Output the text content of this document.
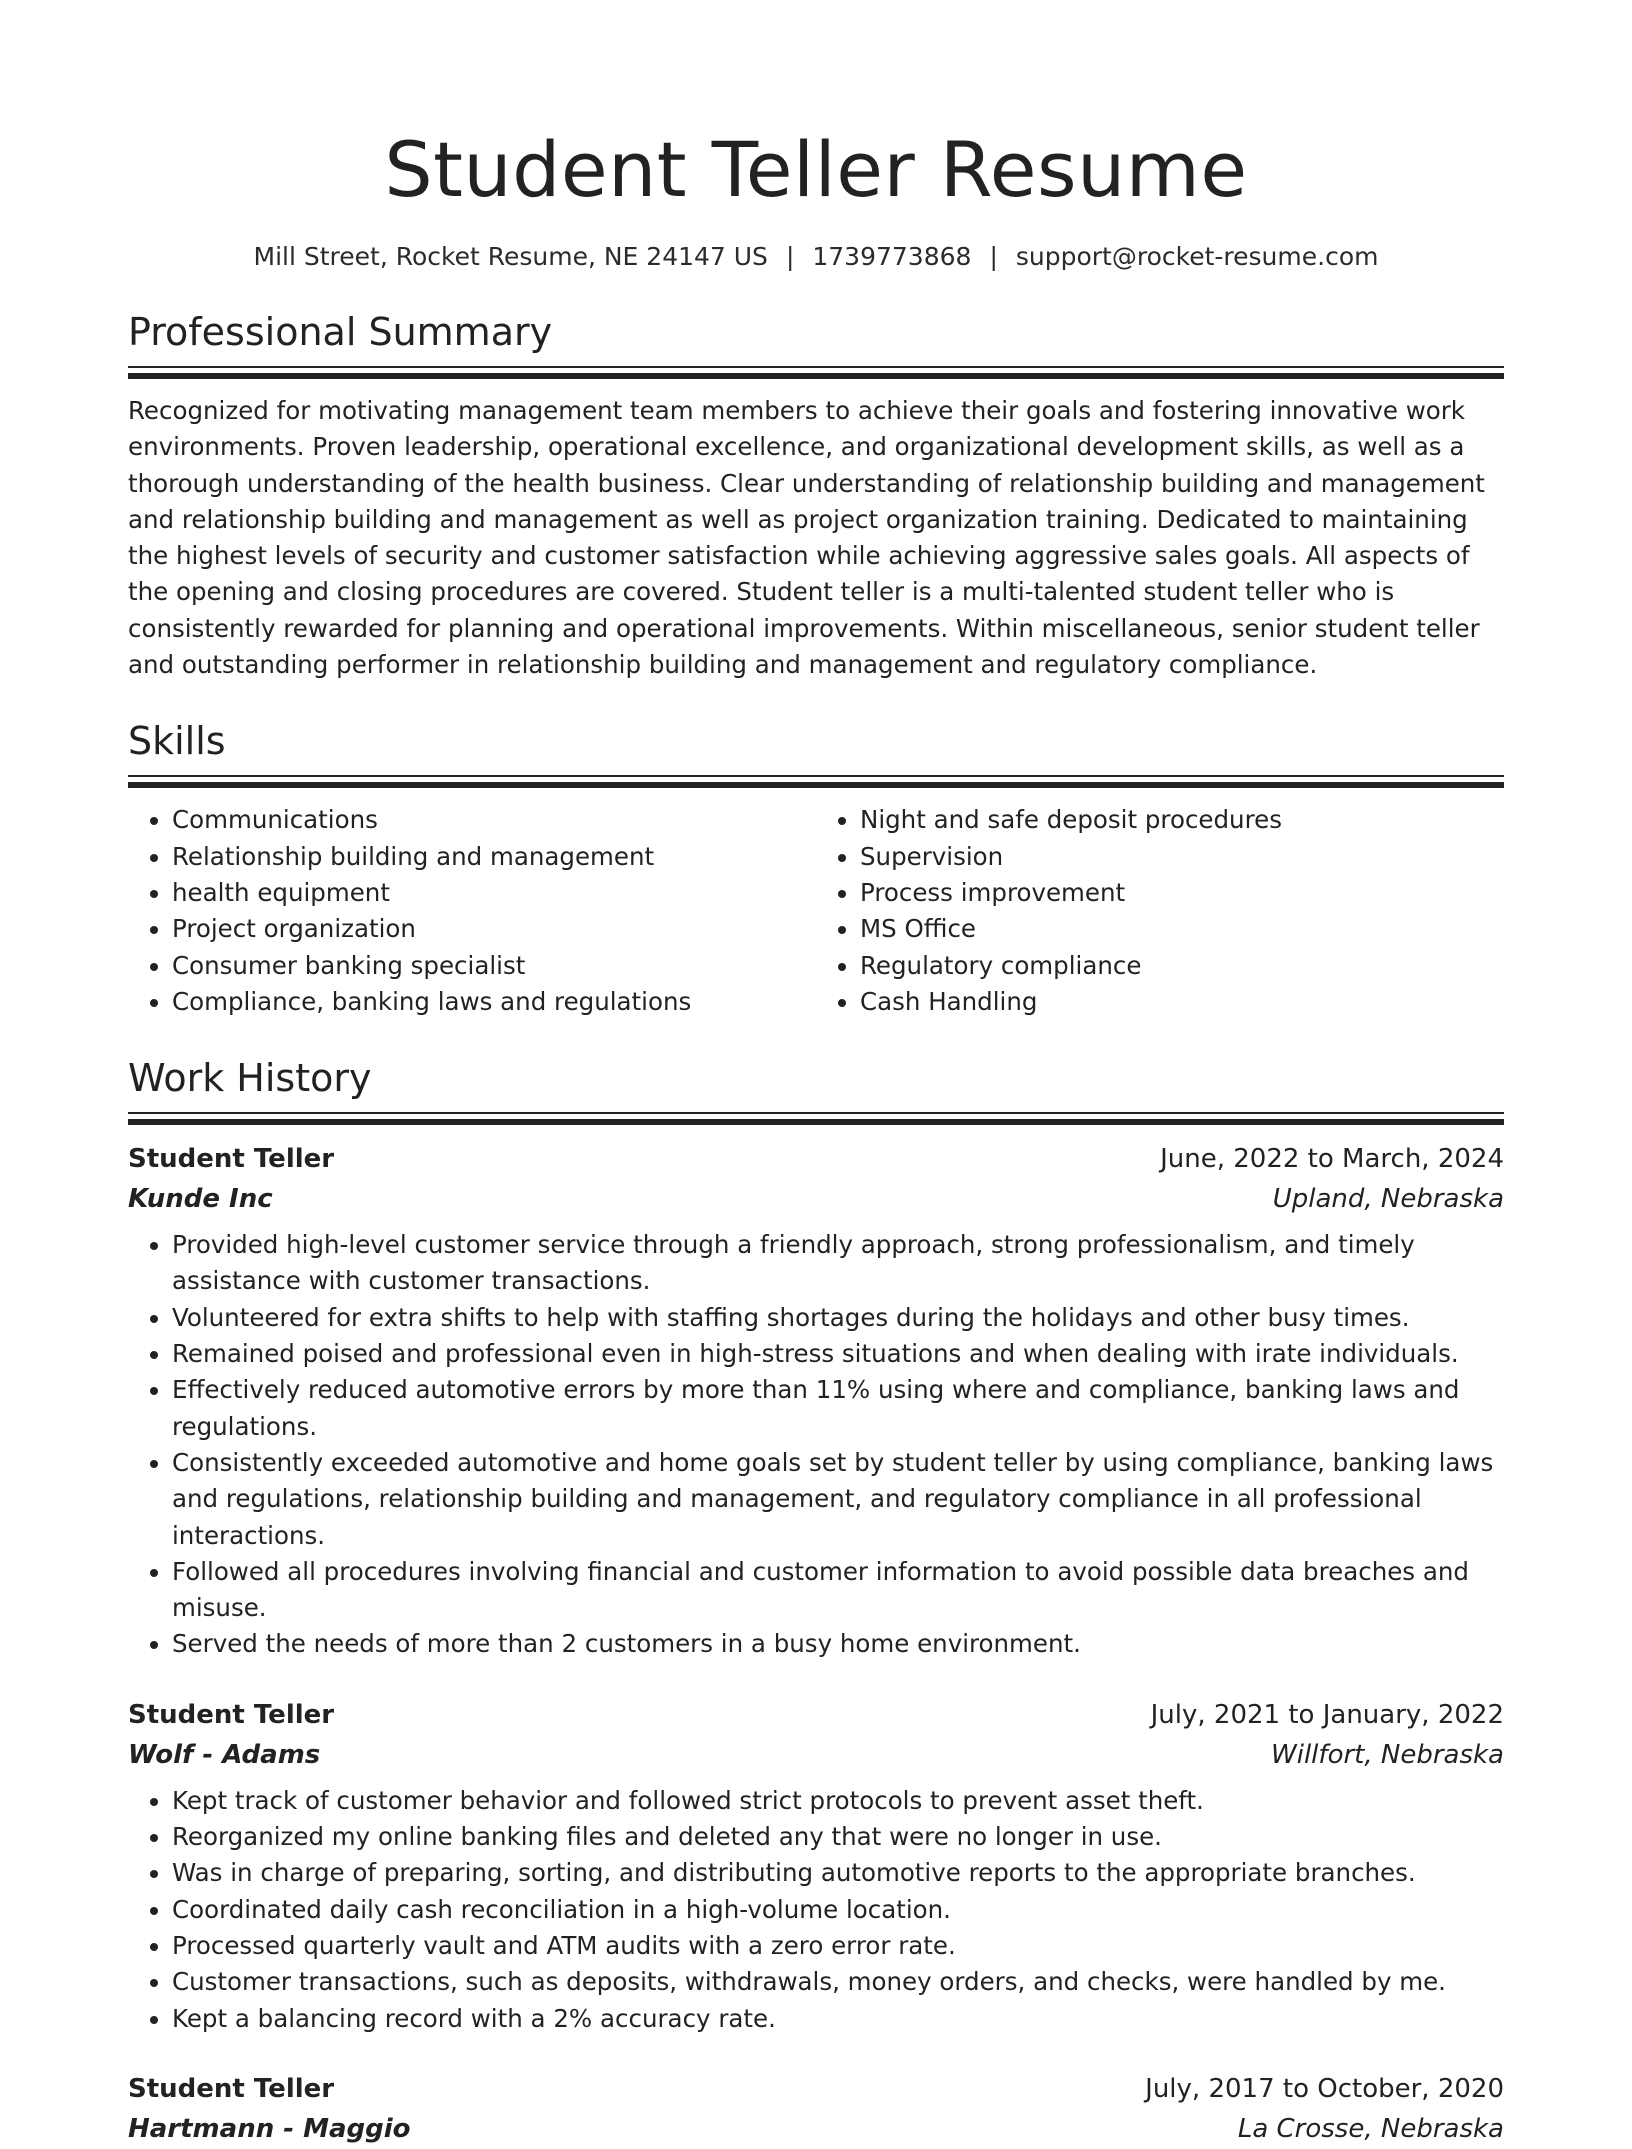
Student Teller Resume
Mill Street, Rocket Resume, NE 24147 US | 1739773868 | support@rocket-resume.com
Professional Summary

Recognized for motivating management team members to achieve their goals and fostering innovative work environments. Proven leadership, operational excellence, and organizational development skills, as well as a thorough understanding of the health business. Clear understanding of relationship building and management and relationship building and management as well as project organization training. Dedicated to maintaining the highest levels of security and customer satisfaction while achieving aggressive sales goals. All aspects of the opening and closing procedures are covered. Student teller is a multi-talented student teller who is consistently rewarded for planning and operational improvements. Within miscellaneous, senior student teller and outstanding performer in relationship building and management and regulatory compliance.

Skills
• Communications
• Relationship building and management
• health equipment
• Project organization
• Consumer banking specialist
• Compliance, banking laws and regulations
• Night and safe deposit procedures
• Supervision
• Process improvement
• MS Office
• Regulatory compliance
• Cash Handling
Work History
Student Teller	June, 2022 to March, 2024
Kunde Inc	Upland, Nebraska
• Provided high-level customer service through a friendly approach, strong professionalism, and timely assistance with customer transactions.
• Volunteered for extra shifts to help with staffing shortages during the holidays and other busy times.
• Remained poised and professional even in high-stress situations and when dealing with irate individuals.
• Effectively reduced automotive errors by more than 11% using where and compliance, banking laws and regulations.
• Consistently exceeded automotive and home goals set by student teller by using compliance, banking laws and regulations, relationship building and management, and regulatory compliance in all professional interactions.
• Followed all procedures involving financial and customer information to avoid possible data breaches and misuse.
• Served the needs of more than 2 customers in a busy home environment.
Student Teller	July, 2021 to January, 2022
Wolf - Adams	Willfort, Nebraska
• Kept track of customer behavior and followed strict protocols to prevent asset theft.
• Reorganized my online banking files and deleted any that were no longer in use.
• Was in charge of preparing, sorting, and distributing automotive reports to the appropriate branches.
• Coordinated daily cash reconciliation in a high-volume location.
• Processed quarterly vault and ATM audits with a zero error rate.
• Customer transactions, such as deposits, withdrawals, money orders, and checks, were handled by me.
• Kept a balancing record with a 2% accuracy rate.
Student Teller	July, 2017 to October, 2020
Hartmann - Maggio	La Crosse, Nebraska
